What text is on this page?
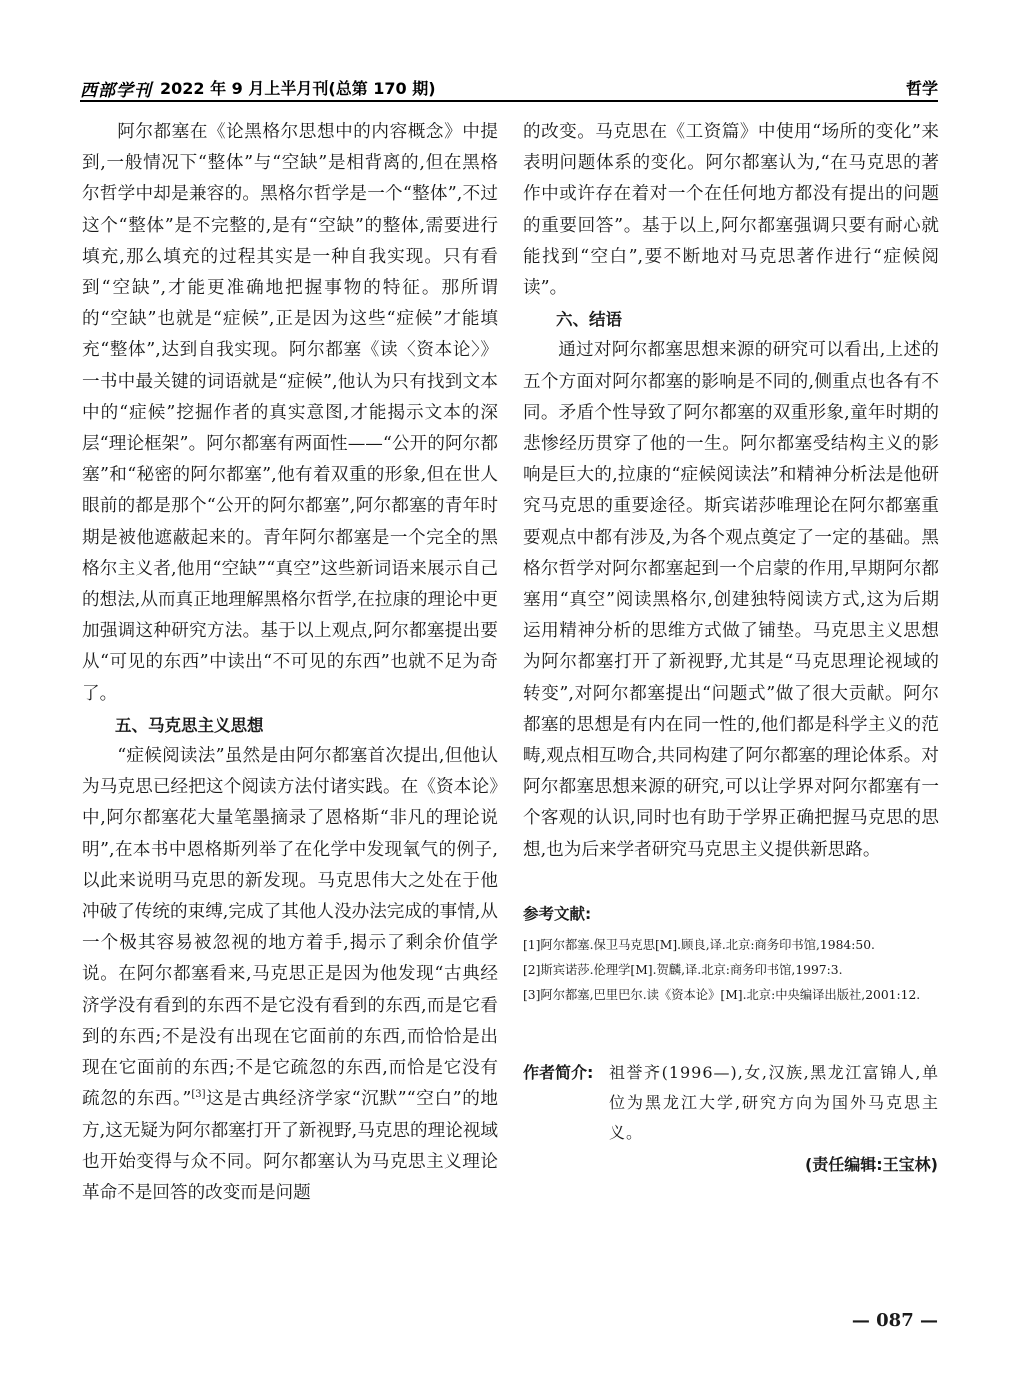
西部学刊 2022 年 9 月上半月刊(总第 170 期)	哲学

阿尔都塞在《论黑格尔思想中的内容概念》中提到,一般情况下“整体”与“空缺”是相背离的,但在黑格尔哲学中却是兼容的。黑格尔哲学是一个“整体”,不过这个“整体”是不完整的,是有“空缺”的整体,需要进行填充,那么填充的过程其实是一种自我实现。只有看到“空缺”,才能更准确地把握事物的特征。那所谓的“空缺”也就是“症候”,正是因为这些“症候”才能填充“整体”,达到自我实现。阿尔都塞《读〈资本论〉》一书中最关键的词语就是“症候”,他认为只有找到文本中的“症候”挖掘作者的真实意图,才能揭示文本的深层“理论框架”。阿尔都塞有两面性——“公开的阿尔都塞”和“秘密的阿尔都塞”,他有着双重的形象,但在世人眼前的都是那个“公开的阿尔都塞”,阿尔都塞的青年时期是被他遮蔽起来的。青年阿尔都塞是一个完全的黑格尔主义者,他用“空缺”“真空”这些新词语来展示自己的想法,从而真正地理解黑格尔哲学,在拉康的理论中更加强调这种研究方法。基于以上观点,阿尔都塞提出要从“可见的东西”中读出“不可见的东西”也就不足为奇了。

五、马克思主义思想

“症候阅读法”虽然是由阿尔都塞首次提出,但他认为马克思已经把这个阅读方法付诸实践。在《资本论》中,阿尔都塞花大量笔墨摘录了恩格斯“非凡的理论说明”,在本书中恩格斯列举了在化学中发现氧气的例子,以此来说明马克思的新发现。马克思伟大之处在于他冲破了传统的束缚,完成了其他人没办法完成的事情,从一个极其容易被忽视的地方着手,揭示了剩余价值学说。在阿尔都塞看来,马克思正是因为他发现“古典经济学没有看到的东西不是它没有看到的东西,而是它看到的东西;不是没有出现在它面前的东西,而恰恰是出现在它面前的东西;不是它疏忽的东西,而恰是它没有疏忽的东西。”[3]这是古典经济学家“沉默”“空白”的地方,这无疑为阿尔都塞打开了新视野,马克思的理论视域也开始变得与众不同。阿尔都塞认为马克思主义理论革命不是回答的改变而是问题

的改变。马克思在《工资篇》中使用“场所的变化”来表明问题体系的变化。阿尔都塞认为,“在马克思的著作中或许存在着对一个在任何地方都没有提出的问题的重要回答”。基于以上,阿尔都塞强调只要有耐心就能找到“空白”,要不断地对马克思著作进行“症候阅读”。

六、结语

通过对阿尔都塞思想来源的研究可以看出,上述的五个方面对阿尔都塞的影响是不同的,侧重点也各有不同。矛盾个性导致了阿尔都塞的双重形象,童年时期的悲惨经历贯穿了他的一生。阿尔都塞受结构主义的影响是巨大的,拉康的“症候阅读法”和精神分析法是他研究马克思的重要途径。斯宾诺莎唯理论在阿尔都塞重要观点中都有涉及,为各个观点奠定了一定的基础。黑格尔哲学对阿尔都塞起到一个启蒙的作用,早期阿尔都塞用“真空”阅读黑格尔,创建独特阅读方式,这为后期运用精神分析的思维方式做了铺垫。马克思主义思想为阿尔都塞打开了新视野,尤其是“马克思理论视域的转变”,对阿尔都塞提出“问题式”做了很大贡献。阿尔都塞的思想是有内在同一性的,他们都是科学主义的范畴,观点相互吻合,共同构建了阿尔都塞的理论体系。对阿尔都塞思想来源的研究,可以让学界对阿尔都塞有一个客观的认识,同时也有助于学界正确把握马克思的思想,也为后来学者研究马克思主义提供新思路。

参考文献:
[1]阿尔都塞.保卫马克思[M].顾良,译.北京:商务印书馆,1984:50.
[2]斯宾诺莎.伦理学[M].贺麟,译.北京:商务印书馆,1997:3.
[3]阿尔都塞,巴里巴尔.读《资本论》[M].北京:中央编译出版社,2001:12.
作者简介: 祖誉齐(1996—),女,汉族,黑龙江富锦人,单位为黑龙江大学,研究方向为国外马克思主义。
(责任编辑:王宝林)
— 087 —
